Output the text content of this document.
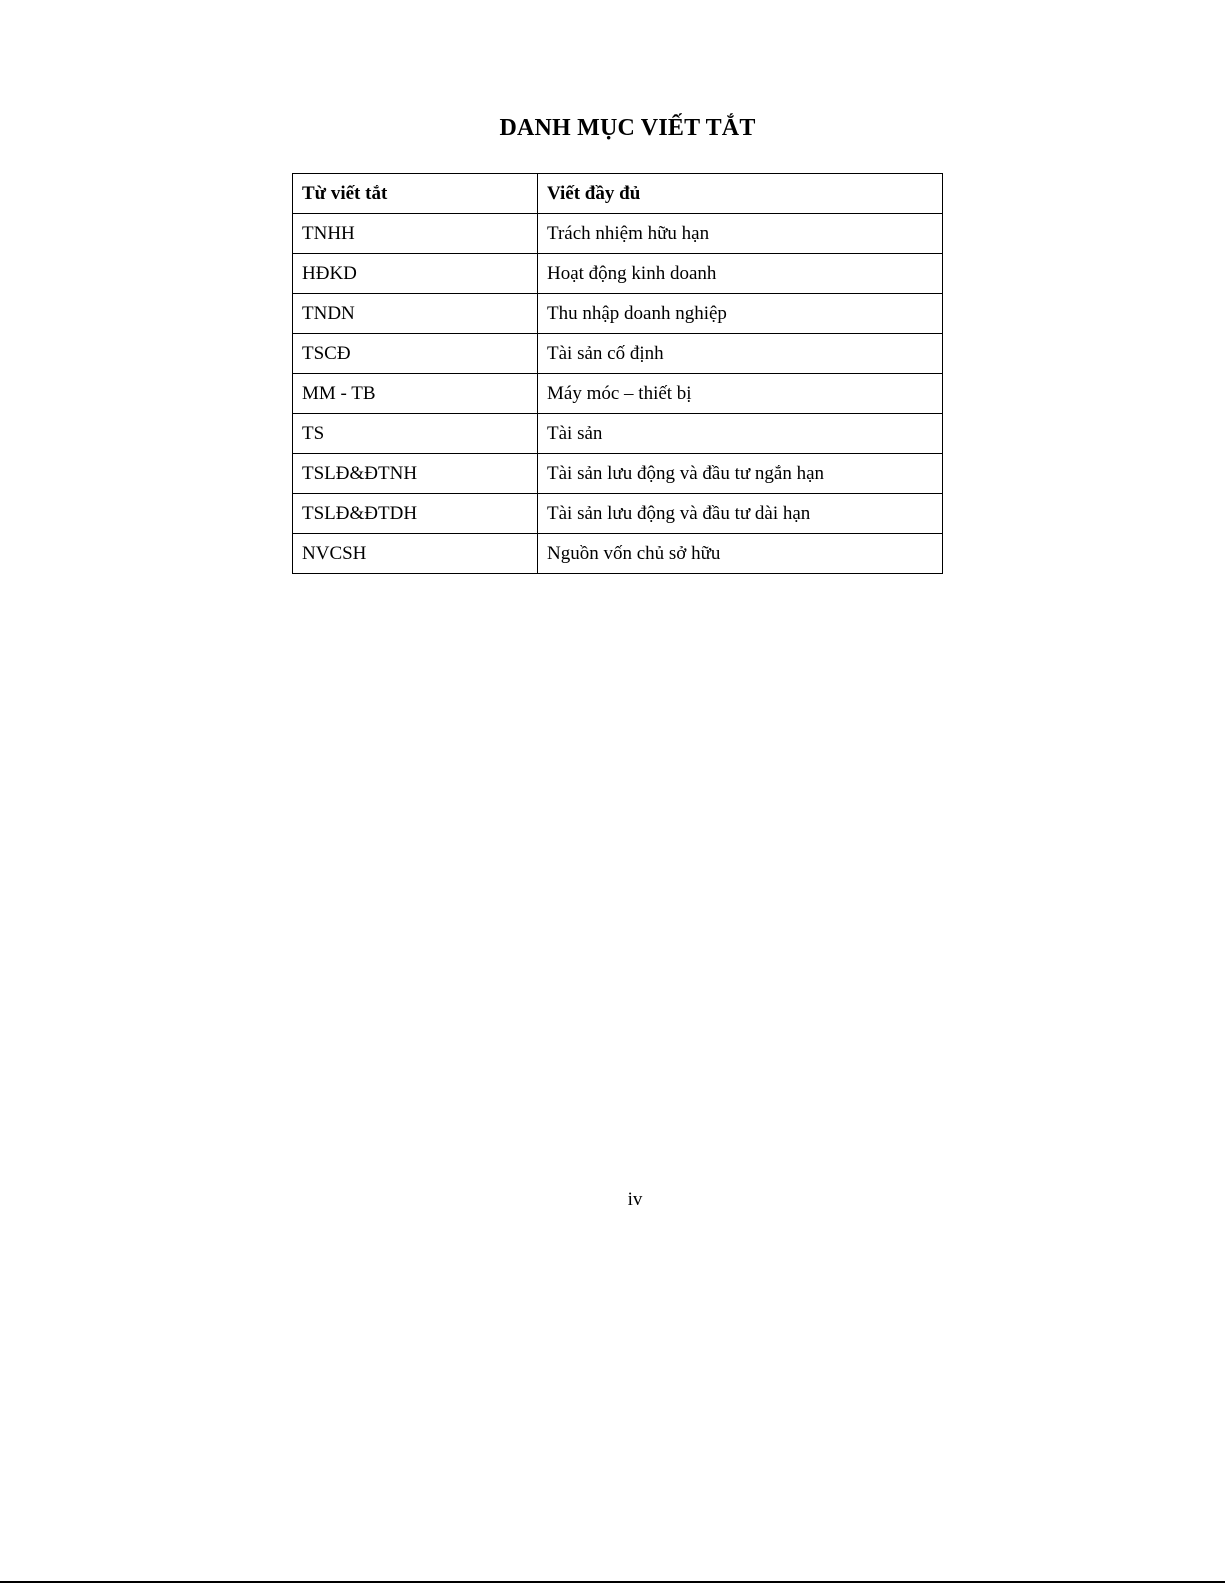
DANH MỤC VIẾT TẮT
Từ viết tắt	Viết đầy đủ
TNHH	Trách nhiệm hữu hạn
HĐKD	Hoạt động kinh doanh
TNDN	Thu nhập doanh nghiệp
TSCĐ	Tài sản cố định
MM - TB	Máy móc – thiết bị
TS	Tài sản
TSLĐ&ĐTNH	Tài sản lưu động và đầu tư ngắn hạn
TSLĐ&ĐTDH	Tài sản lưu động và đầu tư dài hạn
NVCSH	Nguồn vốn chủ sở hữu
iv
